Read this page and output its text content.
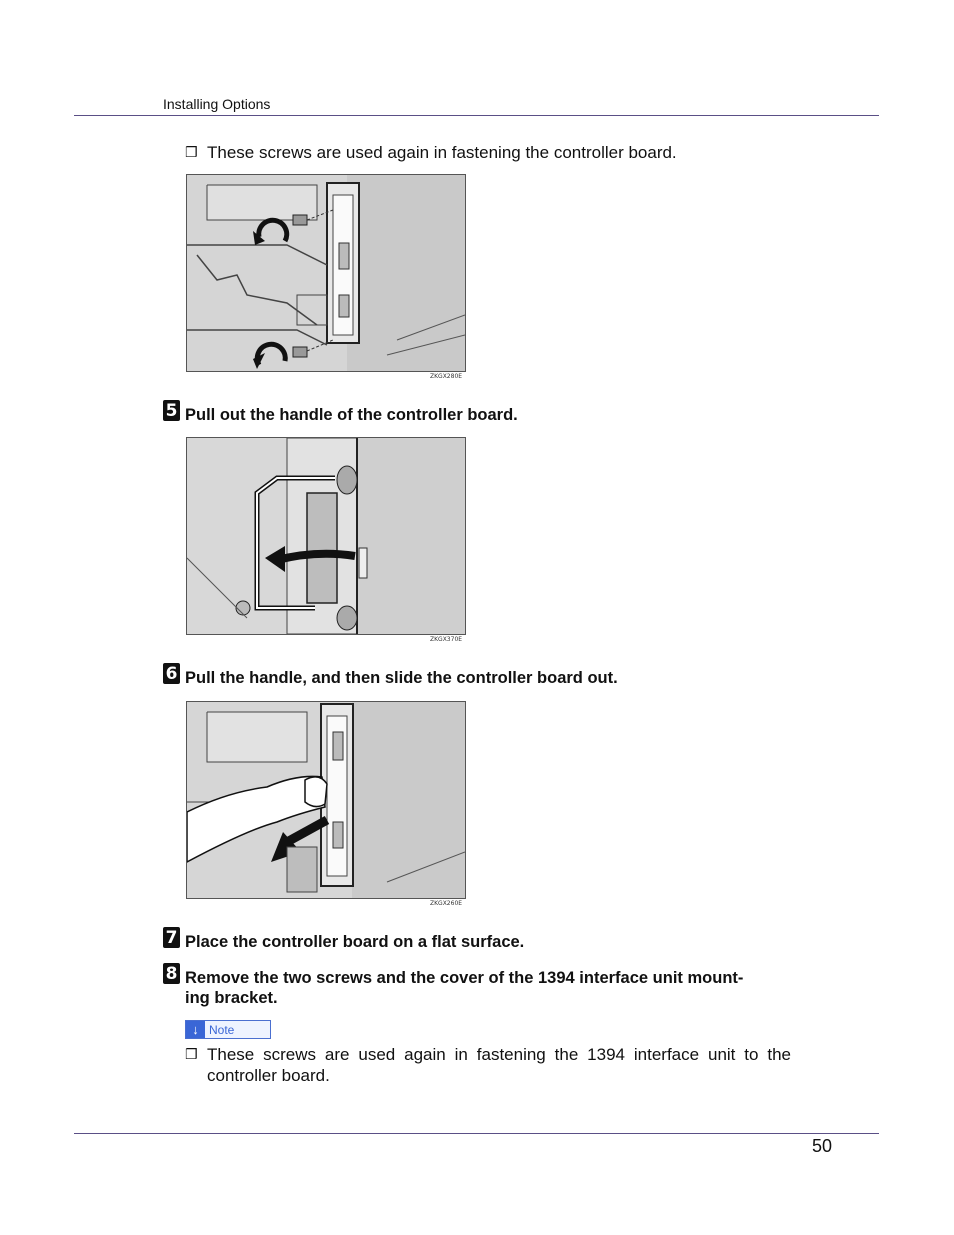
Installing Options
❒ These screws are used again in fastening the controller board.
ZKGX280E
5 Pull out the handle of the controller board.
ZKGX370E
6 Pull the handle, and then slide the controller board out.
ZKGX260E
7 Place the controller board on a flat surface.
8 Remove the two screws and the cover of the 1394 interface unit mount-
ing bracket.
↓ Note
❒ These screws are used again in fastening the 1394 interface unit to the
controller board.
50
